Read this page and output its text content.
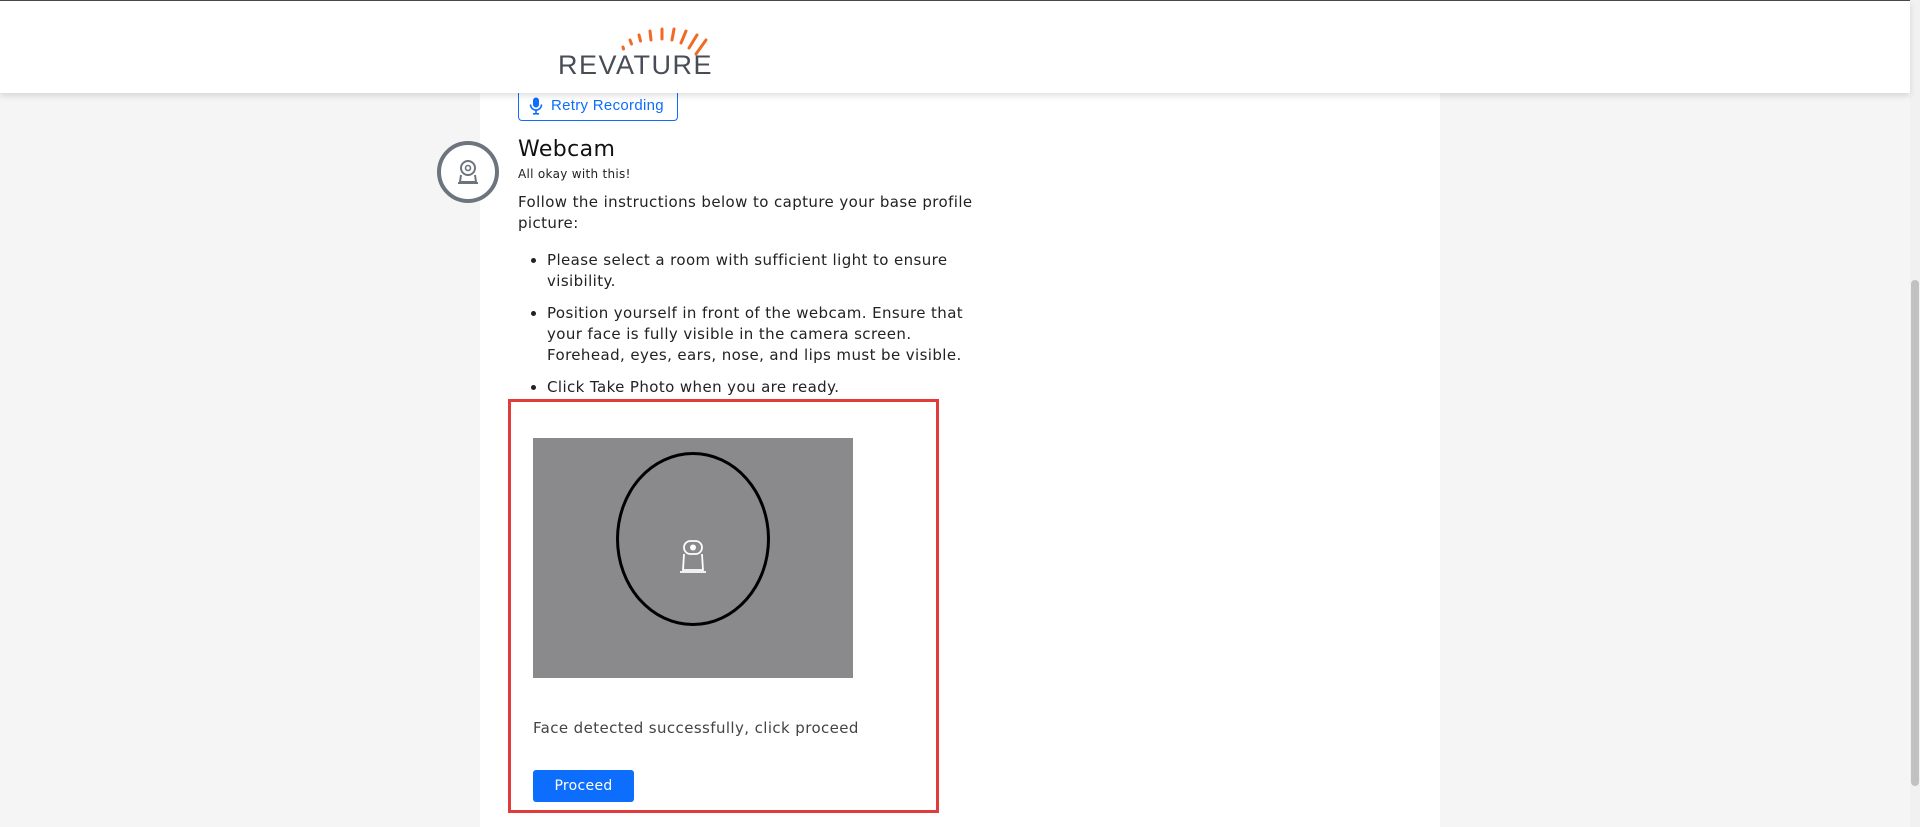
REVATURE
Retry Recording
Webcam
All okay with this!
Follow the instructions below to capture your base profile picture:
• Please select a room with sufficient light to ensure visibility.
• Position yourself in front of the webcam. Ensure that your face is fully visible in the camera screen. Forehead, eyes, ears, nose, and lips must be visible.
• Click Take Photo when you are ready.
Face detected successfully, click proceed
Proceed
